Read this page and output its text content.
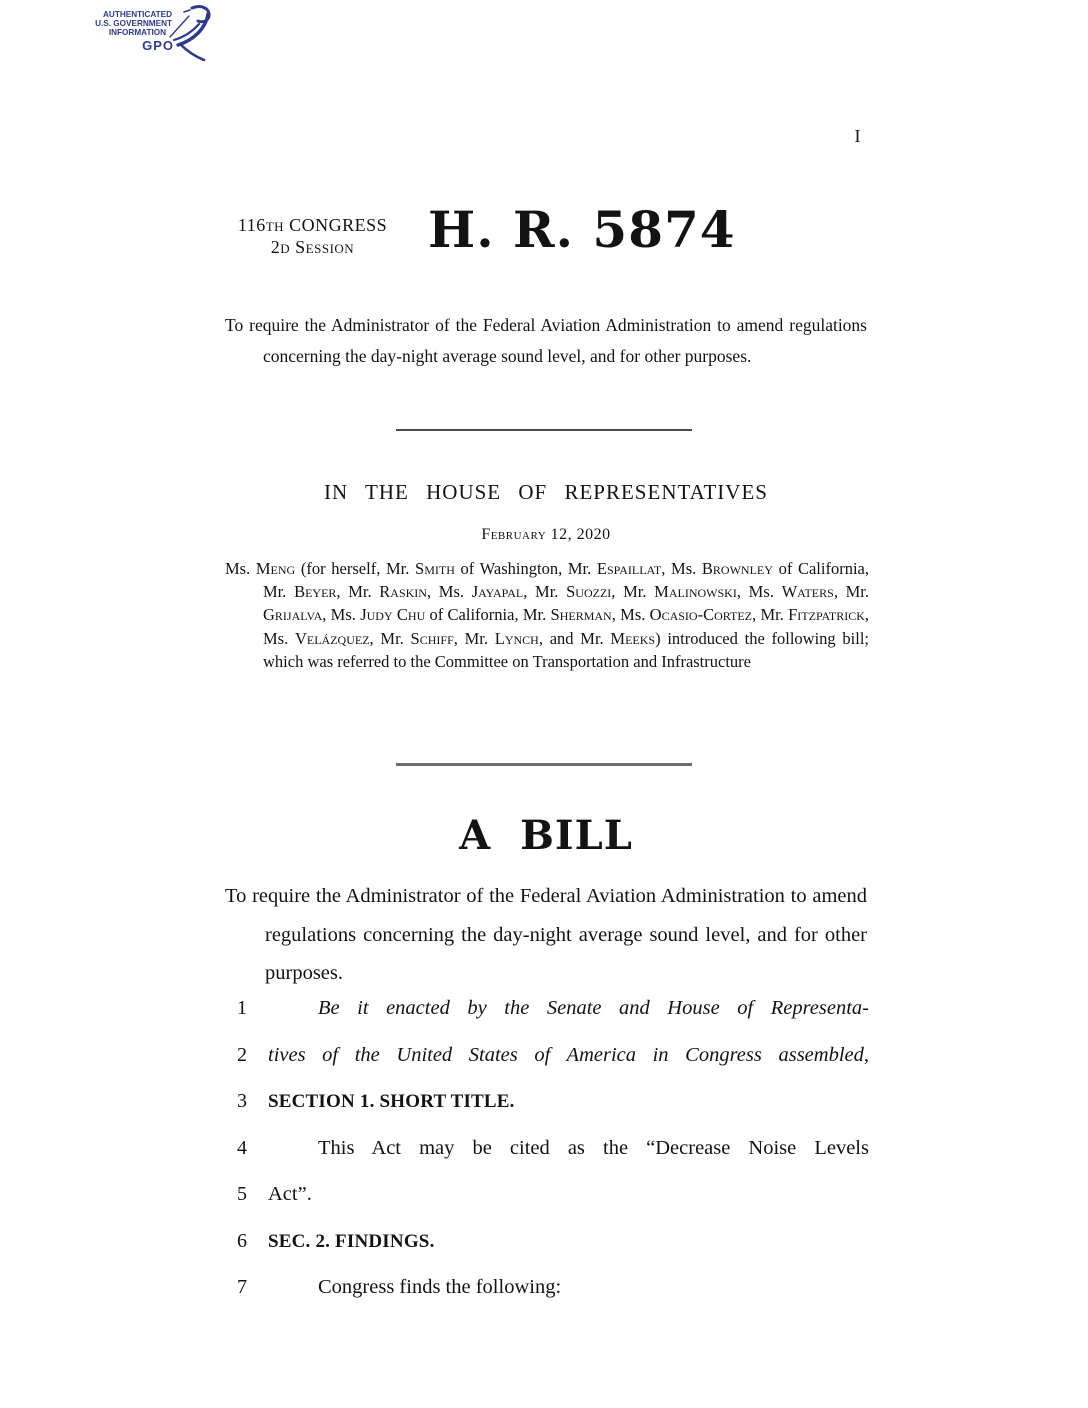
AUTHENTICATED
U.S. GOVERNMENT
INFORMATION
GPO
I
116th CONGRESS
2d Session	H. R. 5874
To require the Administrator of the Federal Aviation Administration to amend regulations concerning the day-night average sound level, and for other purposes.
IN THE HOUSE OF REPRESENTATIVES
February 12, 2020
Ms. Meng (for herself, Mr. Smith of Washington, Mr. Espaillat, Ms. Brownley of California, Mr. Beyer, Mr. Raskin, Ms. Jayapal, Mr. Suozzi, Mr. Malinowski, Ms. Waters, Mr. Grijalva, Ms. Judy Chu of California, Mr. Sherman, Ms. Ocasio-Cortez, Mr. Fitzpatrick, Ms. Velázquez, Mr. Schiff, Mr. Lynch, and Mr. Meeks) introduced the following bill; which was referred to the Committee on Transportation and Infrastructure
A BILL
To require the Administrator of the Federal Aviation Administration to amend regulations concerning the day-night average sound level, and for other purposes.
1	Be it enacted by the Senate and House of Representa-
2	tives of the United States of America in Congress assembled,
3	SECTION 1. SHORT TITLE.
4	This Act may be cited as the “Decrease Noise Levels
5	Act”.
6	SEC. 2. FINDINGS.
7	Congress finds the following:
